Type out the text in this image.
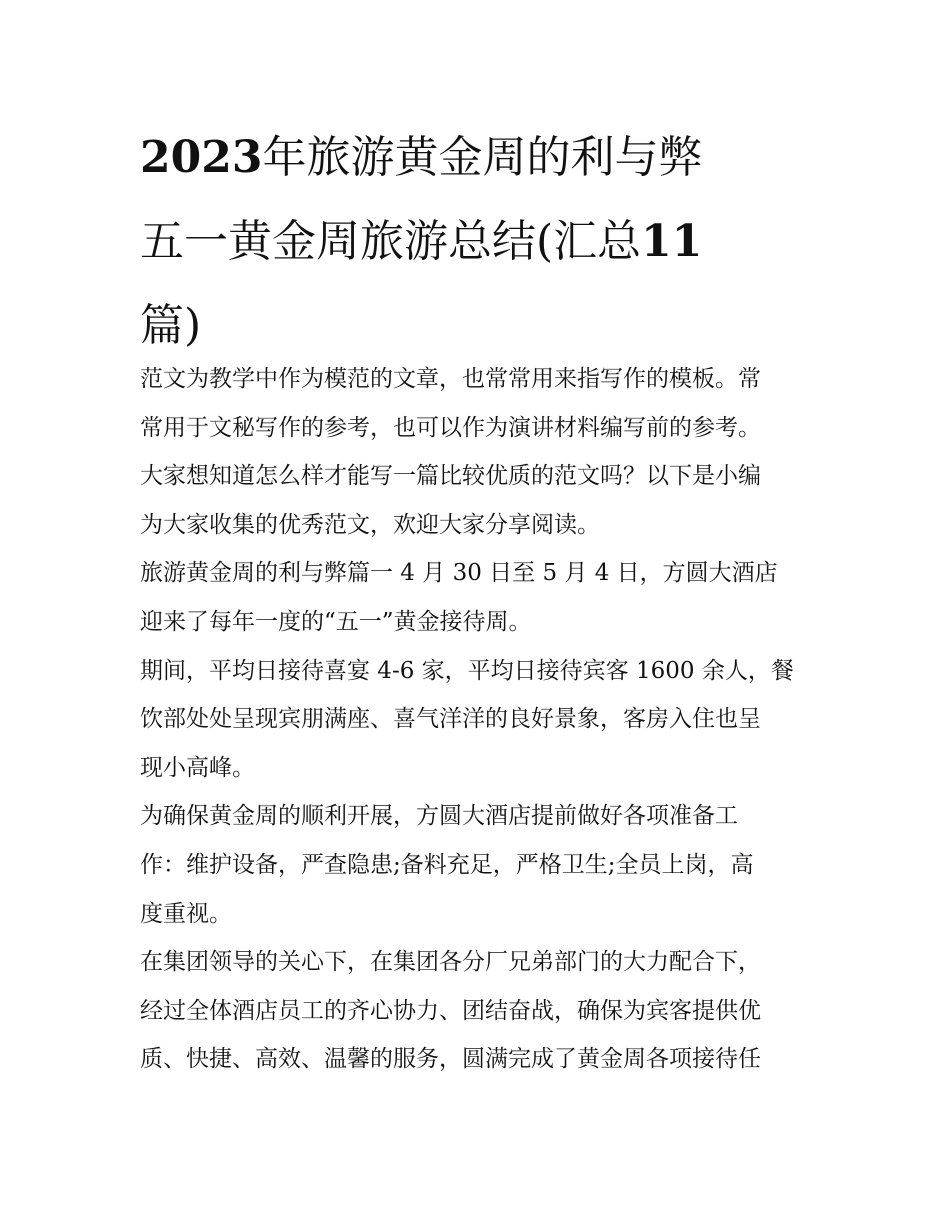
2023年旅游黄金周的利与弊
五一黄金周旅游总结(汇总11
篇)

范文为教学中作为模范的文章，也常常用来指写作的模板。常
常用于文秘写作的参考，也可以作为演讲材料编写前的参考。
大家想知道怎么样才能写一篇比较优质的范文吗？以下是小编
为大家收集的优秀范文，欢迎大家分享阅读。

旅游黄金周的利与弊篇一 4 月 30 日至 5 月 4 日，方圆大酒店
迎来了每年一度的“五一”黄金接待周。

期间，平均日接待喜宴 4-6 家，平均日接待宾客 1600 余人，餐
饮部处处呈现宾朋满座、喜气洋洋的良好景象，客房入住也呈
现小高峰。

为确保黄金周的顺利开展，方圆大酒店提前做好各项准备工
作：维护设备，严查隐患;备料充足，严格卫生;全员上岗，高
度重视。

在集团领导的关心下，在集团各分厂兄弟部门的大力配合下，
经过全体酒店员工的齐心协力、团结奋战，确保为宾客提供优
质、快捷、高效、温馨的服务，圆满完成了黄金周各项接待任
